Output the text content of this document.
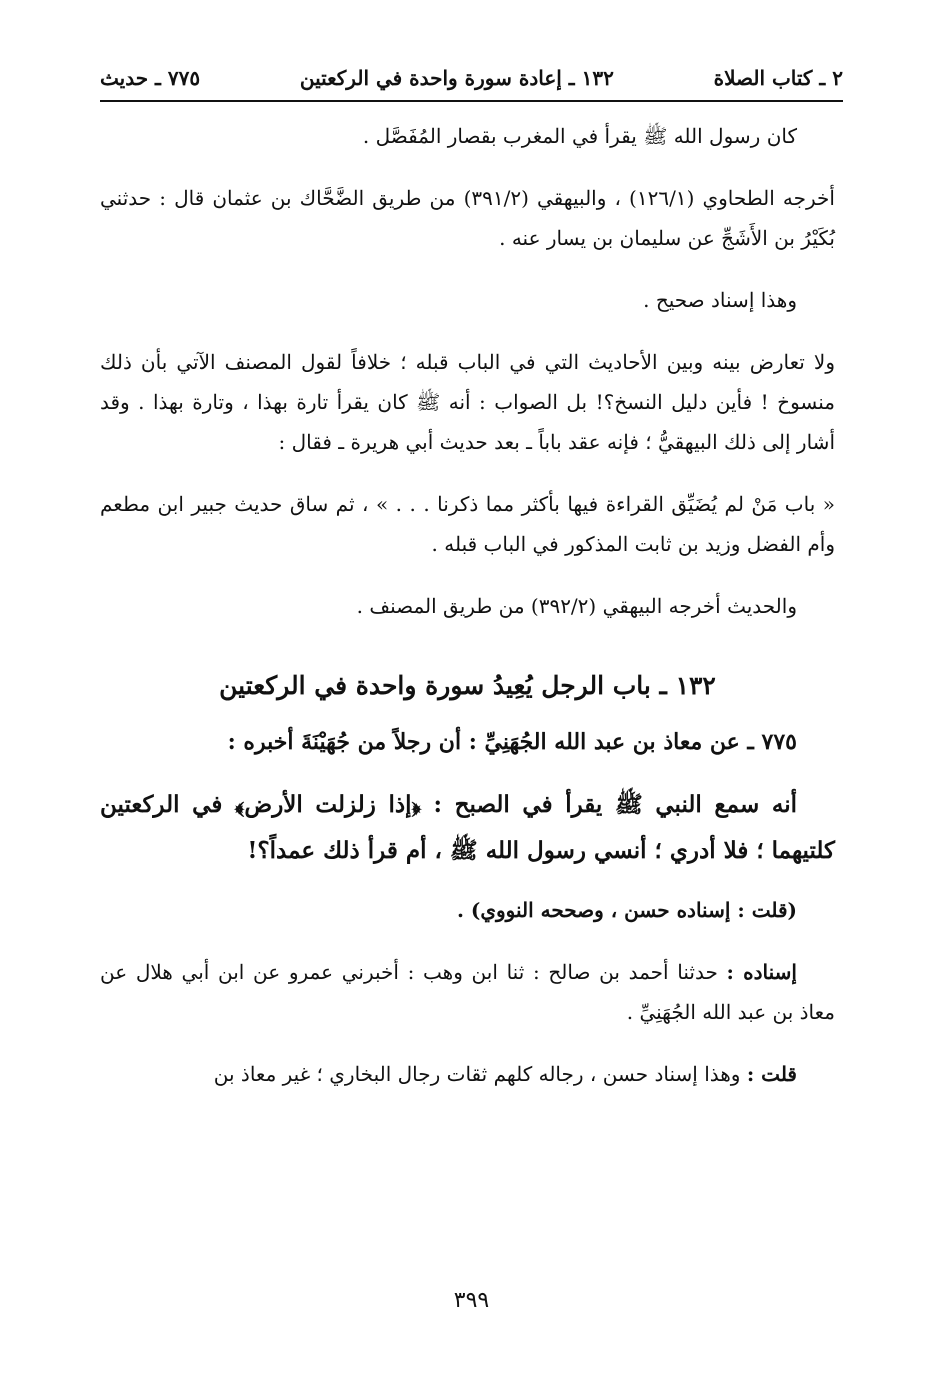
٢ ـ كتاب الصلاة
١٣٢ ـ إعادة سورة واحدة في الركعتين
٧٧٥ ـ حديث

كان رسول الله ﷺ يقرأ في المغرب بقصار المُفَصَّل .

أخرجه الطحاوي (١٢٦/١) ، والبيهقي (٣٩١/٢) من طريق الضَّحَّاك بن عثمان قال : حدثني بُكَيْرُ بن الأَشَجِّ عن سليمان بن يسار عنه .

وهذا إسناد صحيح .

ولا تعارض بينه وبين الأحاديث التي في الباب قبله ؛ خلافاً لقول المصنف الآتي بأن ذلك منسوخ ! فأين دليل النسخ؟! بل الصواب : أنه ﷺ كان يقرأ تارة بهذا ، وتارة بهذا . وقد أشار إلى ذلك البيهقيُّ ؛ فإنه عقد باباً ـ بعد حديث أبي هريرة ـ فقال :

« باب مَنْ لم يُضَيِّق القراءة فيها بأكثر مما ذكرنا . . . » ، ثم ساق حديث جبير ابن مطعم وأم الفضل وزيد بن ثابت المذكور في الباب قبله .

والحديث أخرجه البيهقي (٣٩٢/٢) من طريق المصنف .

١٣٢ ـ باب الرجل يُعِيدُ سورة واحدة في الركعتين

٧٧٥ ـ عن معاذ بن عبد الله الجُهَنِيِّ : أن رجلاً من جُهَيْنَةَ أخبره :

أنه سمع النبي ﷺ يقرأ في الصبح : ﴿إذا زلزلت الأرض﴾ في الركعتين كلتيهما ؛ فلا أدري ؛ أنسي رسول الله ﷺ ، أم قرأ ذلك عمداً؟!

(قلت : إسناده حسن ، وصححه النووي) .

إسناده : حدثنا أحمد بن صالح : ثنا ابن وهب : أخبرني عمرو عن ابن أبي هلال عن معاذ بن عبد الله الجُهَنِيِّ .

قلت : وهذا إسناد حسن ، رجاله كلهم ثقات رجال البخاري ؛ غير معاذ بن

٣٩٩
